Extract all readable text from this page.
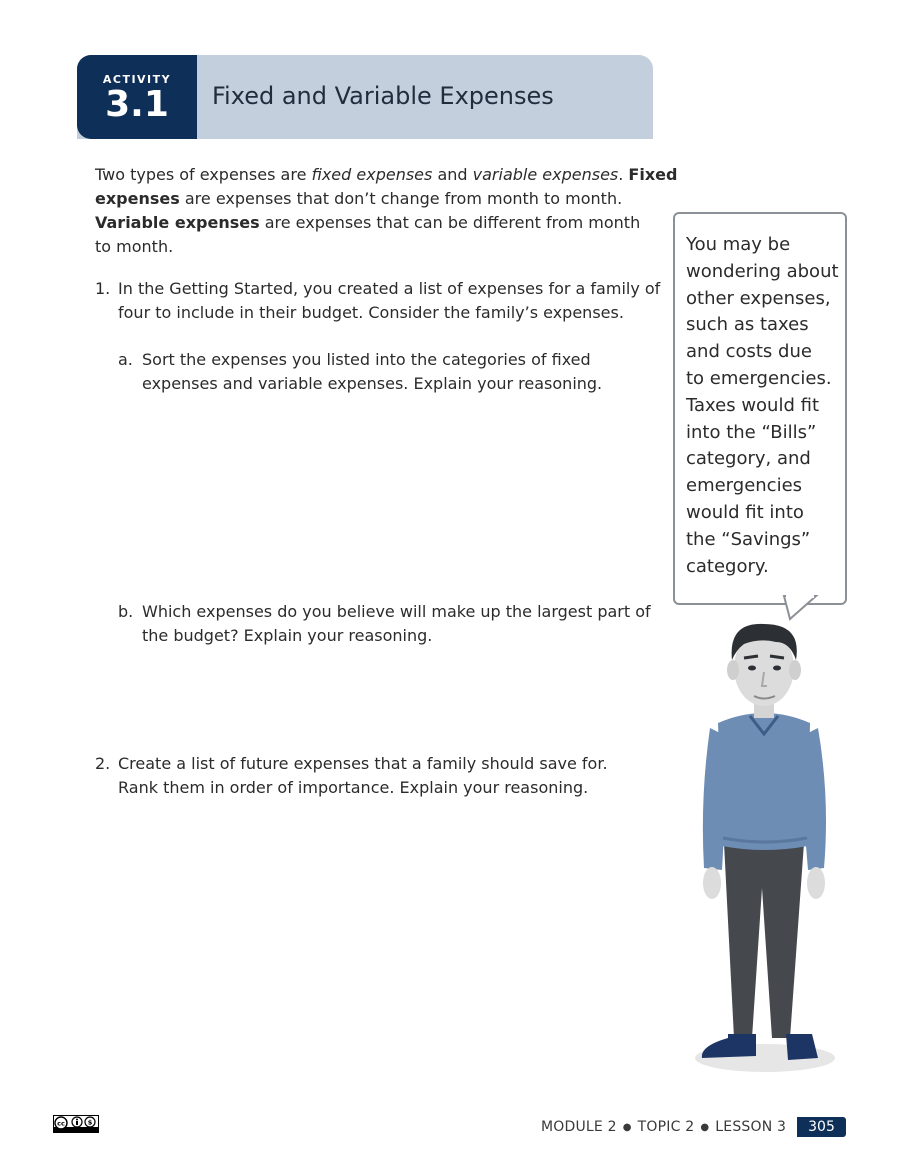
ACTIVITY
3.1	Fixed and Variable Expenses
Two types of expenses are fixed expenses and variable expenses. Fixed
expenses are expenses that don’t change from month to month.
Variable expenses are expenses that can be different from month
to month.
1. In the Getting Started, you created a list of expenses for a family of
four to include in their budget. Consider the family’s expenses.
a. Sort the expenses you listed into the categories of fixed
expenses and variable expenses. Explain your reasoning.
b. Which expenses do you believe will make up the largest part of
the budget? Explain your reasoning.
2. Create a list of future expenses that a family should save for.
Rank them in order of importance. Explain your reasoning.
You may be
wondering about
other expenses,
such as taxes
and costs due
to emergencies.
Taxes would fit
into the “Bills”
category, and
emergencies
would fit into
the “Savings”
category.
cc	$	MODULE 2 ● TOPIC 2 ● LESSON 3	305
